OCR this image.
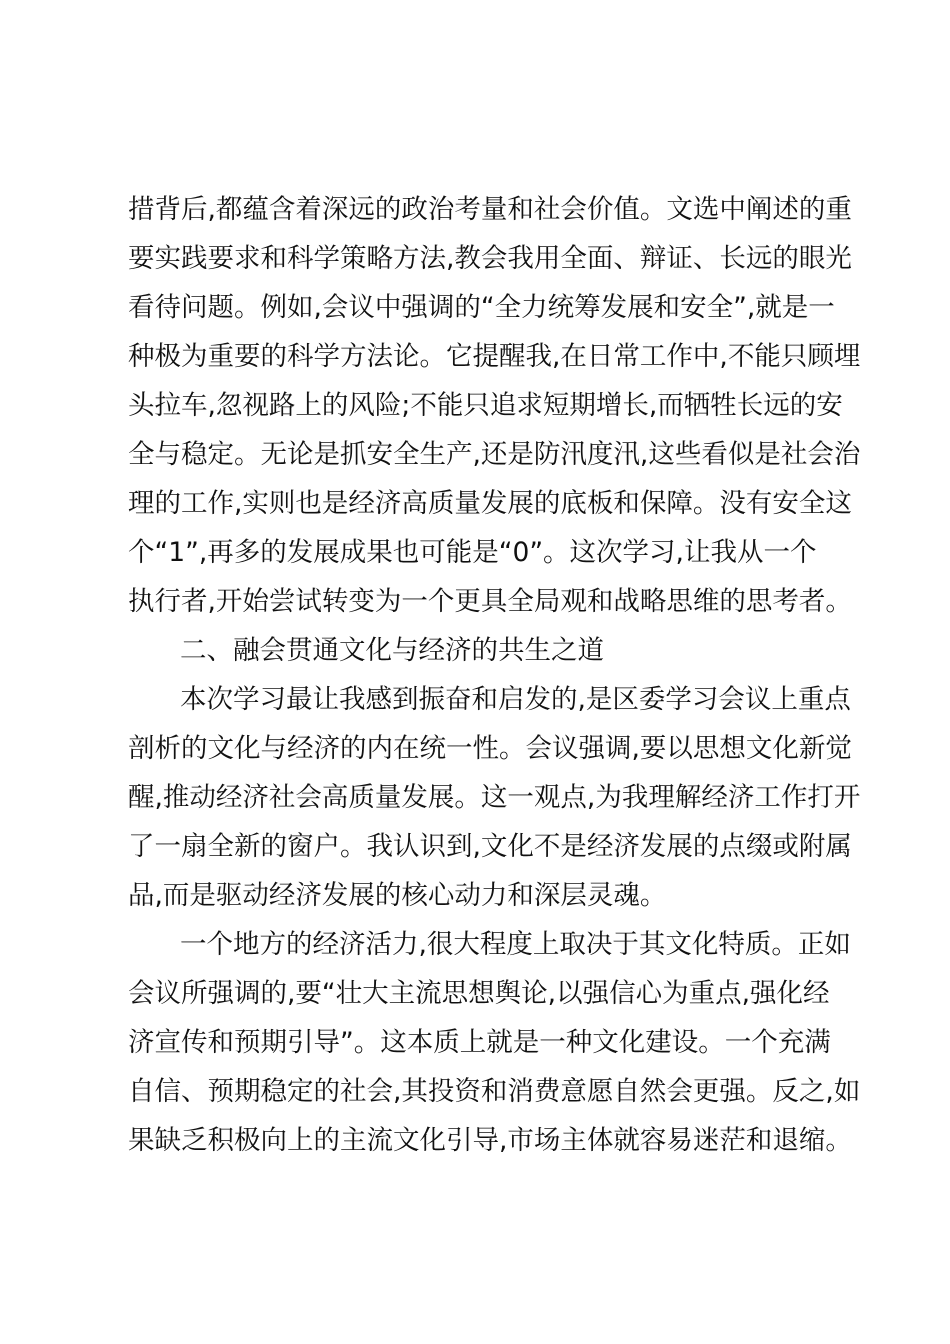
措背后,都蕴含着深远的政治考量和社会价值。文选中阐述的重
要实践要求和科学策略方法,教会我用全面、辩证、长远的眼光
看待问题。例如,会议中强调的“全力统筹发展和安全”,就是一
种极为重要的科学方法论。它提醒我,在日常工作中,不能只顾埋
头拉车,忽视路上的风险;不能只追求短期增长,而牺牲长远的安
全与稳定。无论是抓安全生产,还是防汛度汛,这些看似是社会治
理的工作,实则也是经济高质量发展的底板和保障。没有安全这
个“1”,再多的发展成果也可能是“0”。这次学习,让我从一个
执行者,开始尝试转变为一个更具全局观和战略思维的思考者。
二、融会贯通文化与经济的共生之道
本次学习最让我感到振奋和启发的,是区委学习会议上重点
剖析的文化与经济的内在统一性。会议强调,要以思想文化新觉
醒,推动经济社会高质量发展。这一观点,为我理解经济工作打开
了一扇全新的窗户。我认识到,文化不是经济发展的点缀或附属
品,而是驱动经济发展的核心动力和深层灵魂。
一个地方的经济活力,很大程度上取决于其文化特质。正如
会议所强调的,要“壮大主流思想舆论,以强信心为重点,强化经
济宣传和预期引导”。这本质上就是一种文化建设。一个充满
自信、预期稳定的社会,其投资和消费意愿自然会更强。反之,如
果缺乏积极向上的主流文化引导,市场主体就容易迷茫和退缩。
